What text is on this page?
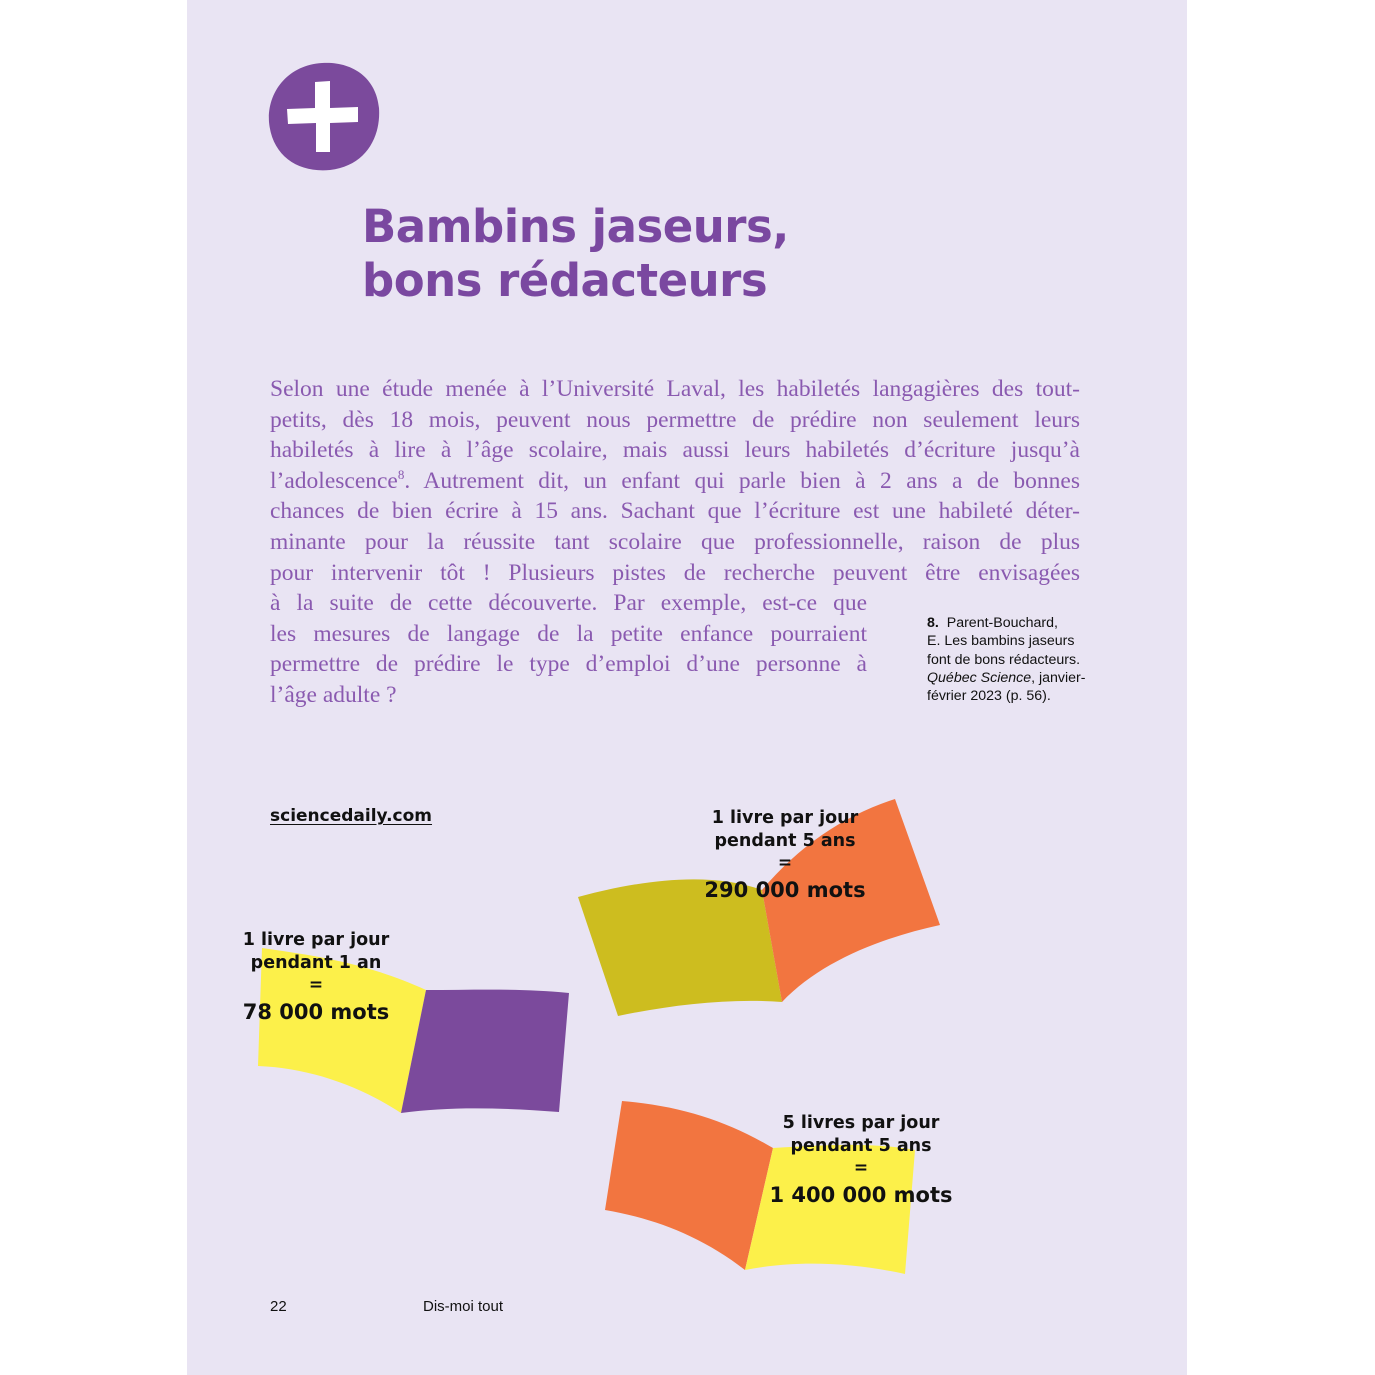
Bambins jaseurs,
bons rédacteurs

Selon une étude menée à l’Université Laval, les habiletés langagières des tout-
petits, dès 18 mois, peuvent nous permettre de prédire non seulement leurs
habiletés à lire à l’âge scolaire, mais aussi leurs habiletés d’écriture jusqu’à
l’adolescence$^8$. Autrement dit, un enfant qui parle bien à 2 ans a de bonnes
chances de bien écrire à 15 ans. Sachant que l’écriture est une habileté déter-
minante pour la réussite tant scolaire que professionnelle, raison de plus
pour intervenir tôt ! Plusieurs pistes de recherche peuvent être envisagées
à la suite de cette découverte. Par exemple, est-ce que
les mesures de langage de la petite enfance pourraient
permettre de prédire le type d’emploi d’une personne à
l’âge adulte ?

8. Parent-Bouchard,
E. Les bambins jaseurs
font de bons rédacteurs.
Québec Science, janvier-
février 2023 (p. 56).
sciencedaily.com
1 livre par jour
pendant 1 an
=
78 000 mots
1 livre par jour
pendant 5 ans
=
290 000 mots
5 livres par jour
pendant 5 ans
=
1 400 000 mots
22	Dis-moi tout
